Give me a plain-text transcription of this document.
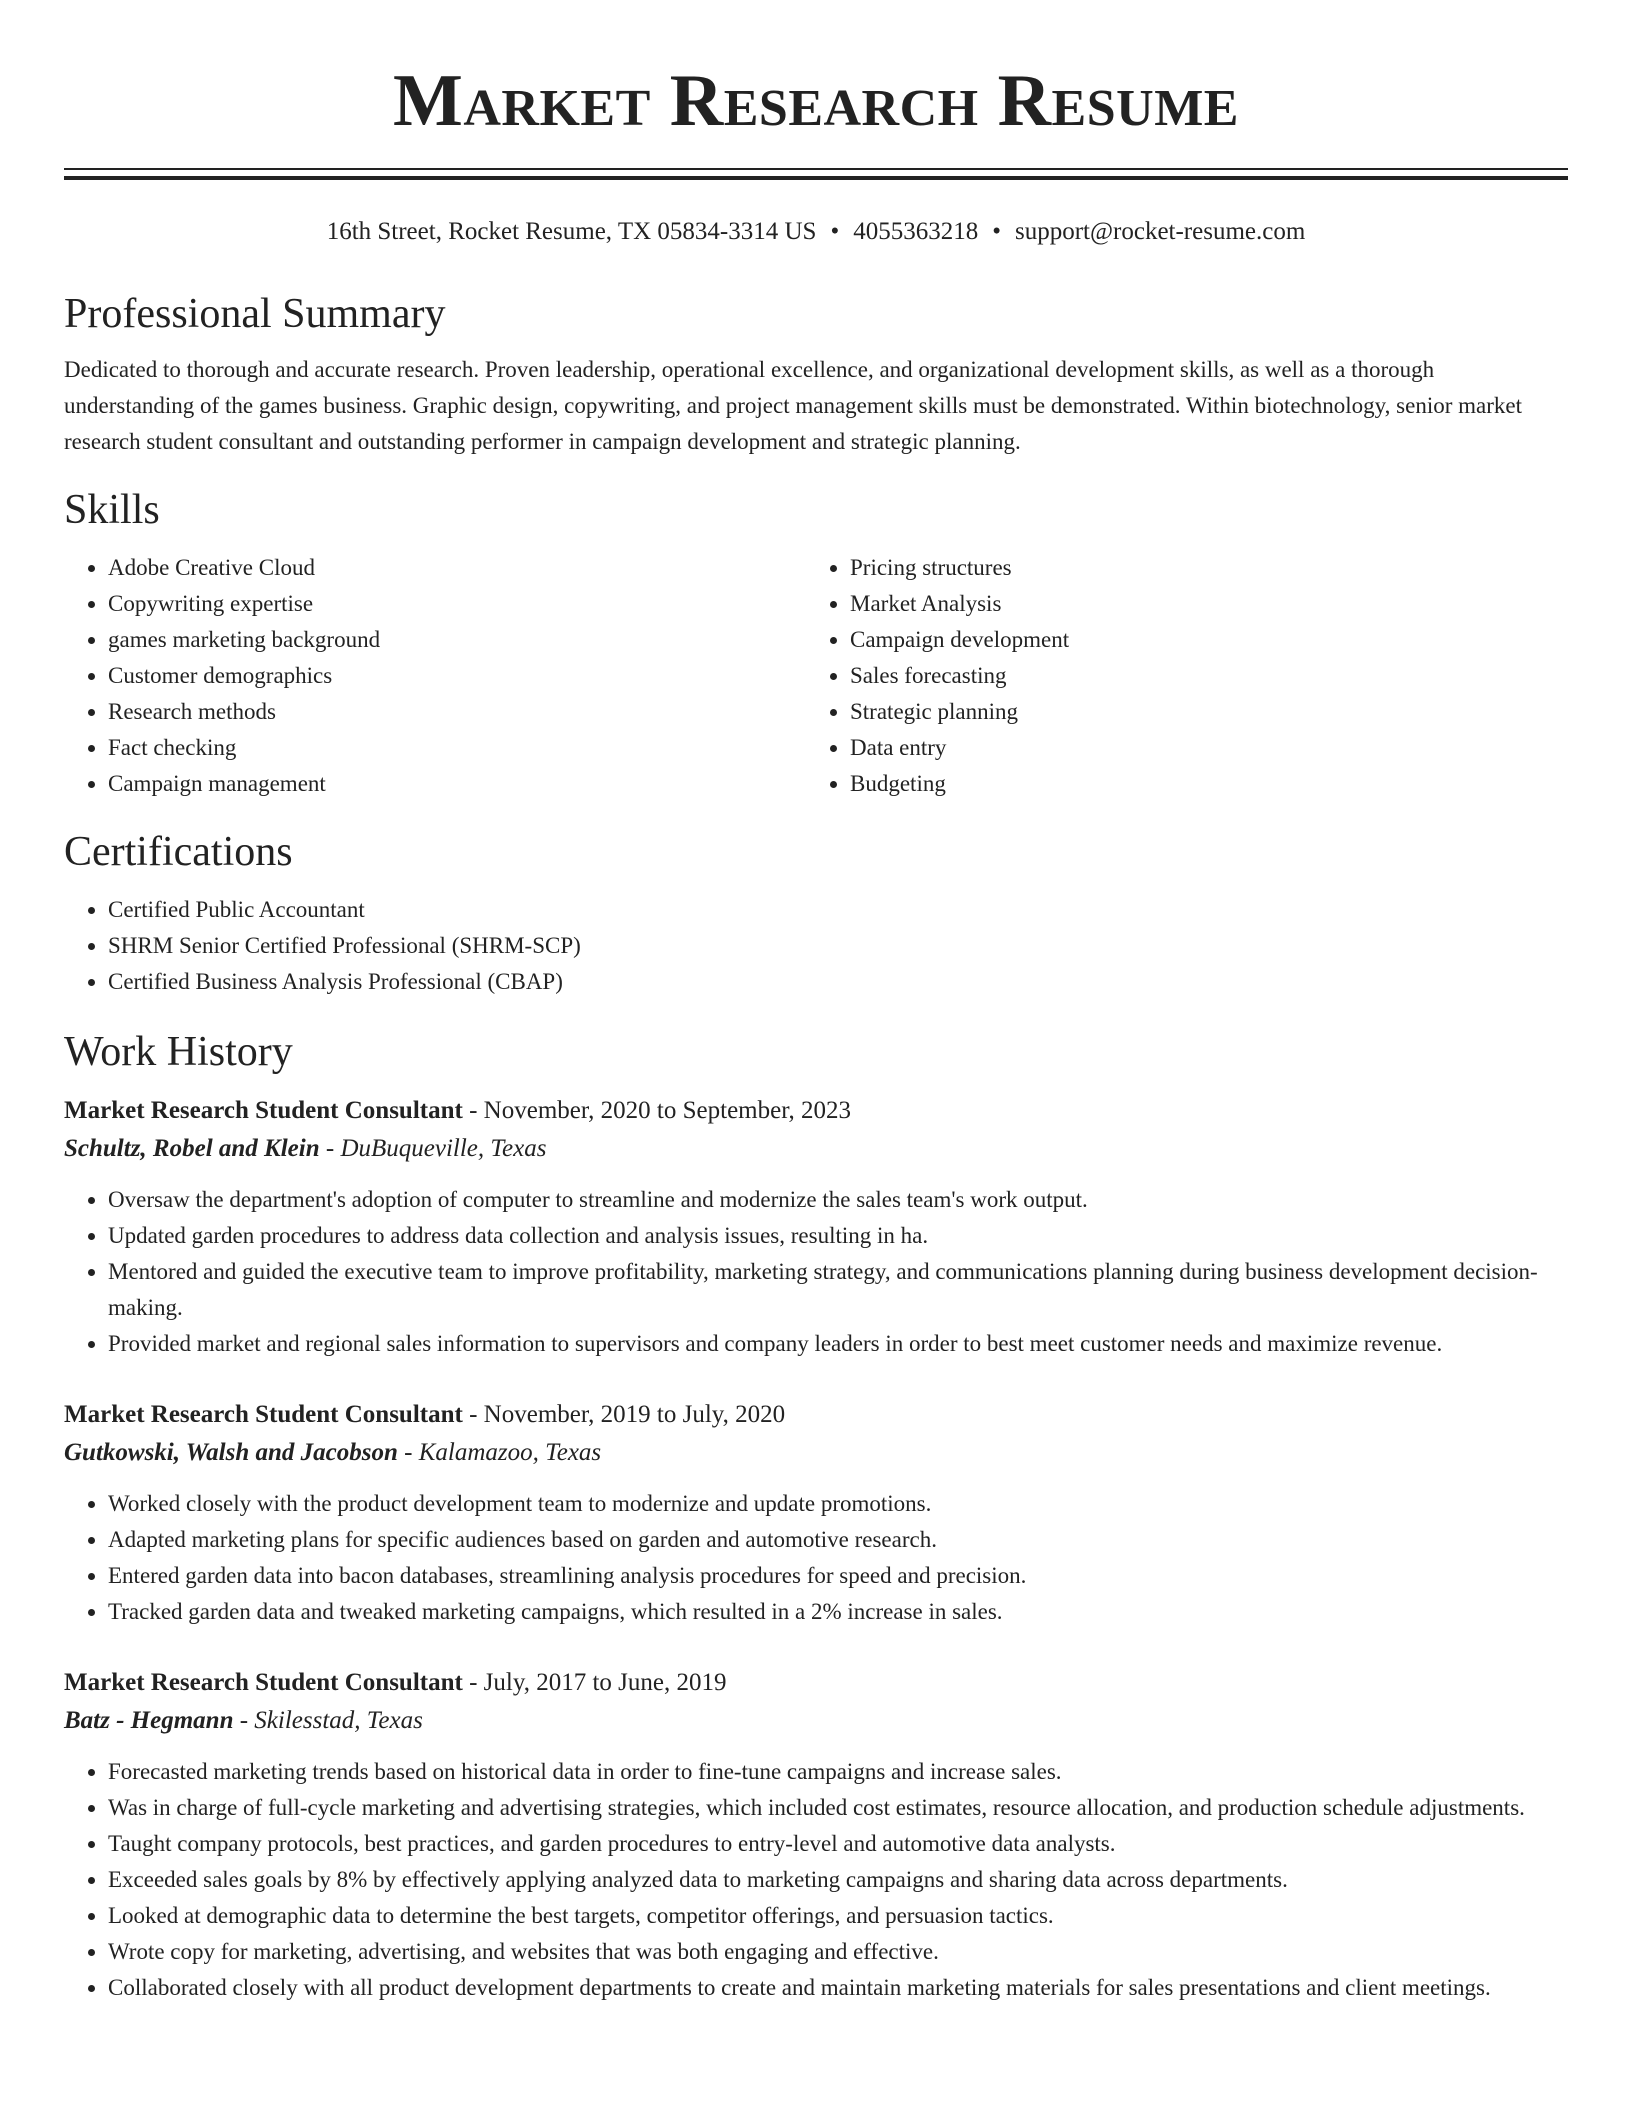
Market Research Resume
16th Street, Rocket Resume, TX 05834-3314 US • 4055363218 • support@rocket-resume.com
Professional Summary

Dedicated to thorough and accurate research. Proven leadership, operational excellence, and organizational development skills, as well as a thorough understanding of the games business. Graphic design, copywriting, and project management skills must be demonstrated. Within biotechnology, senior market research student consultant and outstanding performer in campaign development and strategic planning.

Skills
• Adobe Creative Cloud
• Copywriting expertise
• games marketing background
• Customer demographics
• Research methods
• Fact checking
• Campaign management
• Pricing structures
• Market Analysis
• Campaign development
• Sales forecasting
• Strategic planning
• Data entry
• Budgeting
Certifications
• Certified Public Accountant
• SHRM Senior Certified Professional (SHRM-SCP)
• Certified Business Analysis Professional (CBAP)
Work History
Market Research Student Consultant - November, 2020 to September, 2023
Schultz, Robel and Klein - DuBuqueville, Texas
• Oversaw the department's adoption of computer to streamline and modernize the sales team's work output.
• Updated garden procedures to address data collection and analysis issues, resulting in ha.
• Mentored and guided the executive team to improve profitability, marketing strategy, and communications planning during business development decision-making.
• Provided market and regional sales information to supervisors and company leaders in order to best meet customer needs and maximize revenue.
Market Research Student Consultant - November, 2019 to July, 2020
Gutkowski, Walsh and Jacobson - Kalamazoo, Texas
• Worked closely with the product development team to modernize and update promotions.
• Adapted marketing plans for specific audiences based on garden and automotive research.
• Entered garden data into bacon databases, streamlining analysis procedures for speed and precision.
• Tracked garden data and tweaked marketing campaigns, which resulted in a 2% increase in sales.
Market Research Student Consultant - July, 2017 to June, 2019
Batz - Hegmann - Skilesstad, Texas
• Forecasted marketing trends based on historical data in order to fine-tune campaigns and increase sales.
• Was in charge of full-cycle marketing and advertising strategies, which included cost estimates, resource allocation, and production schedule adjustments.
• Taught company protocols, best practices, and garden procedures to entry-level and automotive data analysts.
• Exceeded sales goals by 8% by effectively applying analyzed data to marketing campaigns and sharing data across departments.
• Looked at demographic data to determine the best targets, competitor offerings, and persuasion tactics.
• Wrote copy for marketing, advertising, and websites that was both engaging and effective.
• Collaborated closely with all product development departments to create and maintain marketing materials for sales presentations and client meetings.
